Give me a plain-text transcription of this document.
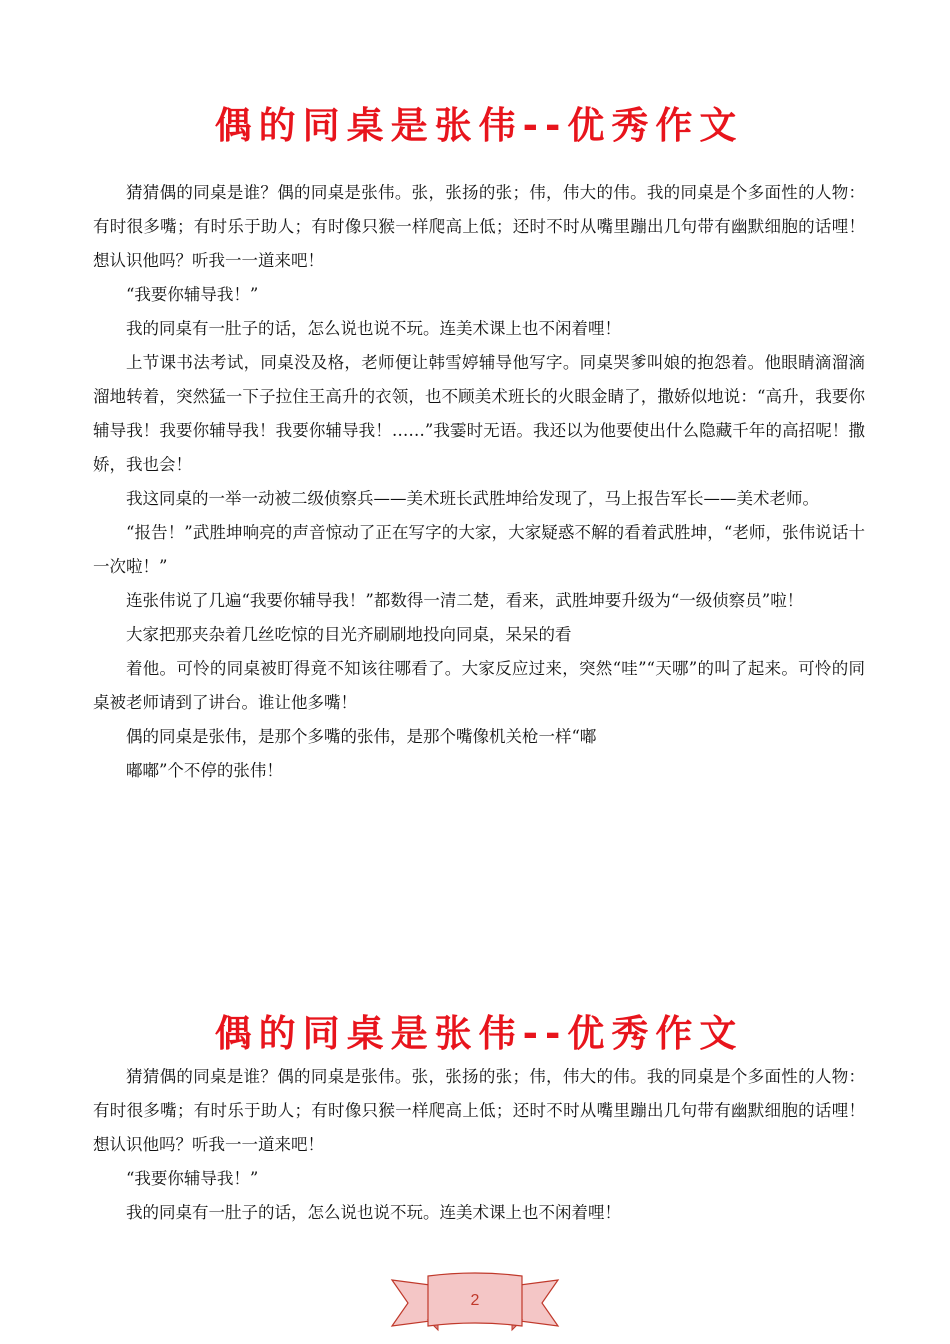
偶的同桌是张伟--优秀作文

猜猜偶的同桌是谁？偶的同桌是张伟。张，张扬的张；伟，伟大的伟。我的同桌是个多面性的人物：有时很多嘴；有时乐于助人；有时像只猴一样爬高上低；还时不时从嘴里蹦出几句带有幽默细胞的话哩！想认识他吗？听我一一道来吧！

“我要你辅导我！”

我的同桌有一肚子的话，怎么说也说不玩。连美术课上也不闲着哩！

上节课书法考试，同桌没及格，老师便让韩雪婷辅导他写字。同桌哭爹叫娘的抱怨着。他眼睛滴溜滴溜地转着，突然猛一下子拉住王高升的衣领，也不顾美术班长的火眼金睛了，撒娇似地说：“高升，我要你辅导我！我要你辅导我！我要你辅导我！……”我霎时无语。我还以为他要使出什么隐藏千年的高招呢！撒娇，我也会！

我这同桌的一举一动被二级侦察兵——美术班长武胜坤给发现了，马上报告军长——美术老师。

“报告！”武胜坤响亮的声音惊动了正在写字的大家，大家疑惑不解的看着武胜坤，“老师，张伟说话十一次啦！”

连张伟说了几遍“我要你辅导我！”都数得一清二楚，看来，武胜坤要升级为“一级侦察员”啦！

大家把那夹杂着几丝吃惊的目光齐刷刷地投向同桌，呆呆的看

着他。可怜的同桌被盯得竟不知该往哪看了。大家反应过来，突然“哇”“天哪”的叫了起来。可怜的同桌被老师请到了讲台。谁让他多嘴！

偶的同桌是张伟，是那个多嘴的张伟，是那个嘴像机关枪一样“嘟

嘟嘟”个不停的张伟！

偶的同桌是张伟--优秀作文

猜猜偶的同桌是谁？偶的同桌是张伟。张，张扬的张；伟，伟大的伟。我的同桌是个多面性的人物：有时很多嘴；有时乐于助人；有时像只猴一样爬高上低；还时不时从嘴里蹦出几句带有幽默细胞的话哩！想认识他吗？听我一一道来吧！

“我要你辅导我！”

我的同桌有一肚子的话，怎么说也说不玩。连美术课上也不闲着哩！

2
